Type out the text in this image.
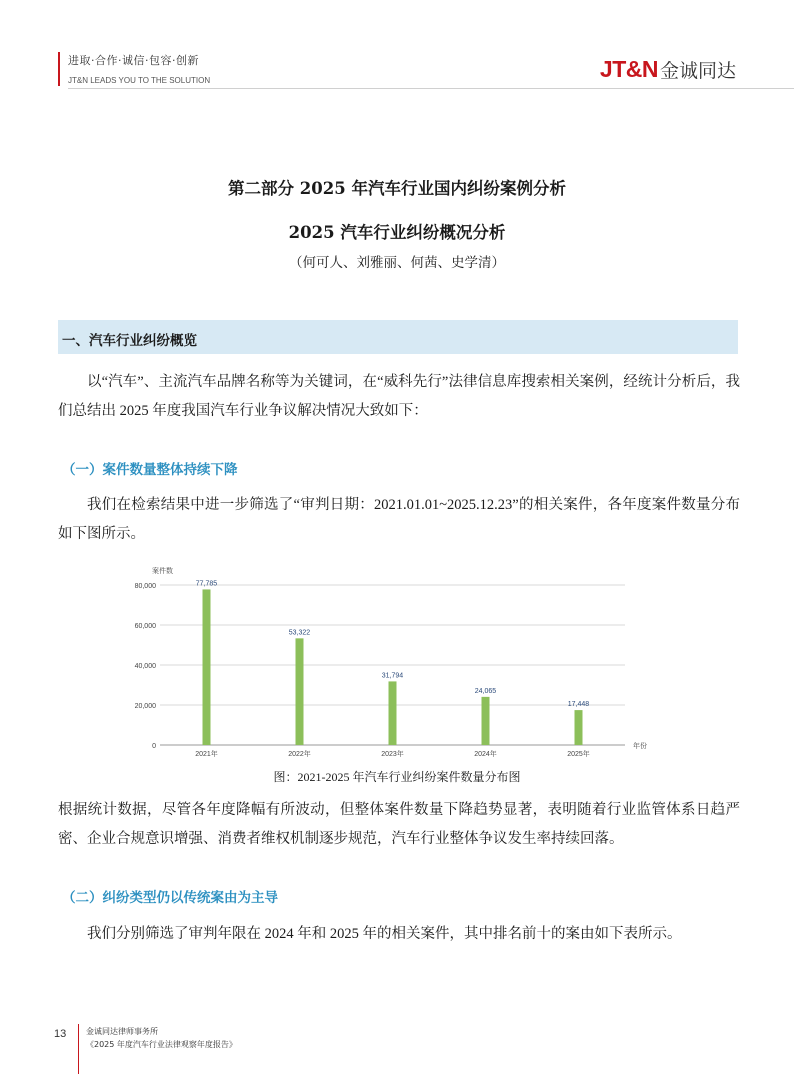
进取·合作·诚信·包容·创新
JT&N LEADS YOU TO THE SOLUTION	JT&N 金诚同达
第二部分 2025 年汽车行业国内纠纷案例分析
2025 汽车行业纠纷概况分析
（何可人、刘雅丽、何茜、史学清）
一、汽车行业纠纷概览
以“汽车”、主流汽车品牌名称等为关键词，在“威科先行”法律信息库搜索相关案例，经统计分析后，我们总结出 2025 年度我国汽车行业争议解决情况大致如下：
（一）案件数量整体持续下降
我们在检索结果中进一步筛选了“审判日期：2021.01.01~2025.12.23”的相关案件，各年度案件数量分布如下图所示。
0
20,000
40,000
60,000
80,000
案件数
年份
77,785
2021年
53,322
2022年
31,794
2023年
24,065
2024年
17,448
2025年
图：2021-2025 年汽车行业纠纷案件数量分布图
根据统计数据，尽管各年度降幅有所波动，但整体案件数量下降趋势显著，表明随着行业监管体系日趋严密、企业合规意识增强、消费者维权机制逐步规范，汽车行业整体争议发生率持续回落。
（二）纠纷类型仍以传统案由为主导
我们分别筛选了审判年限在 2024 年和 2025 年的相关案件，其中排名前十的案由如下表所示。
13 金诚同达律师事务所
《2025 年度汽车行业法律观察年度报告》
